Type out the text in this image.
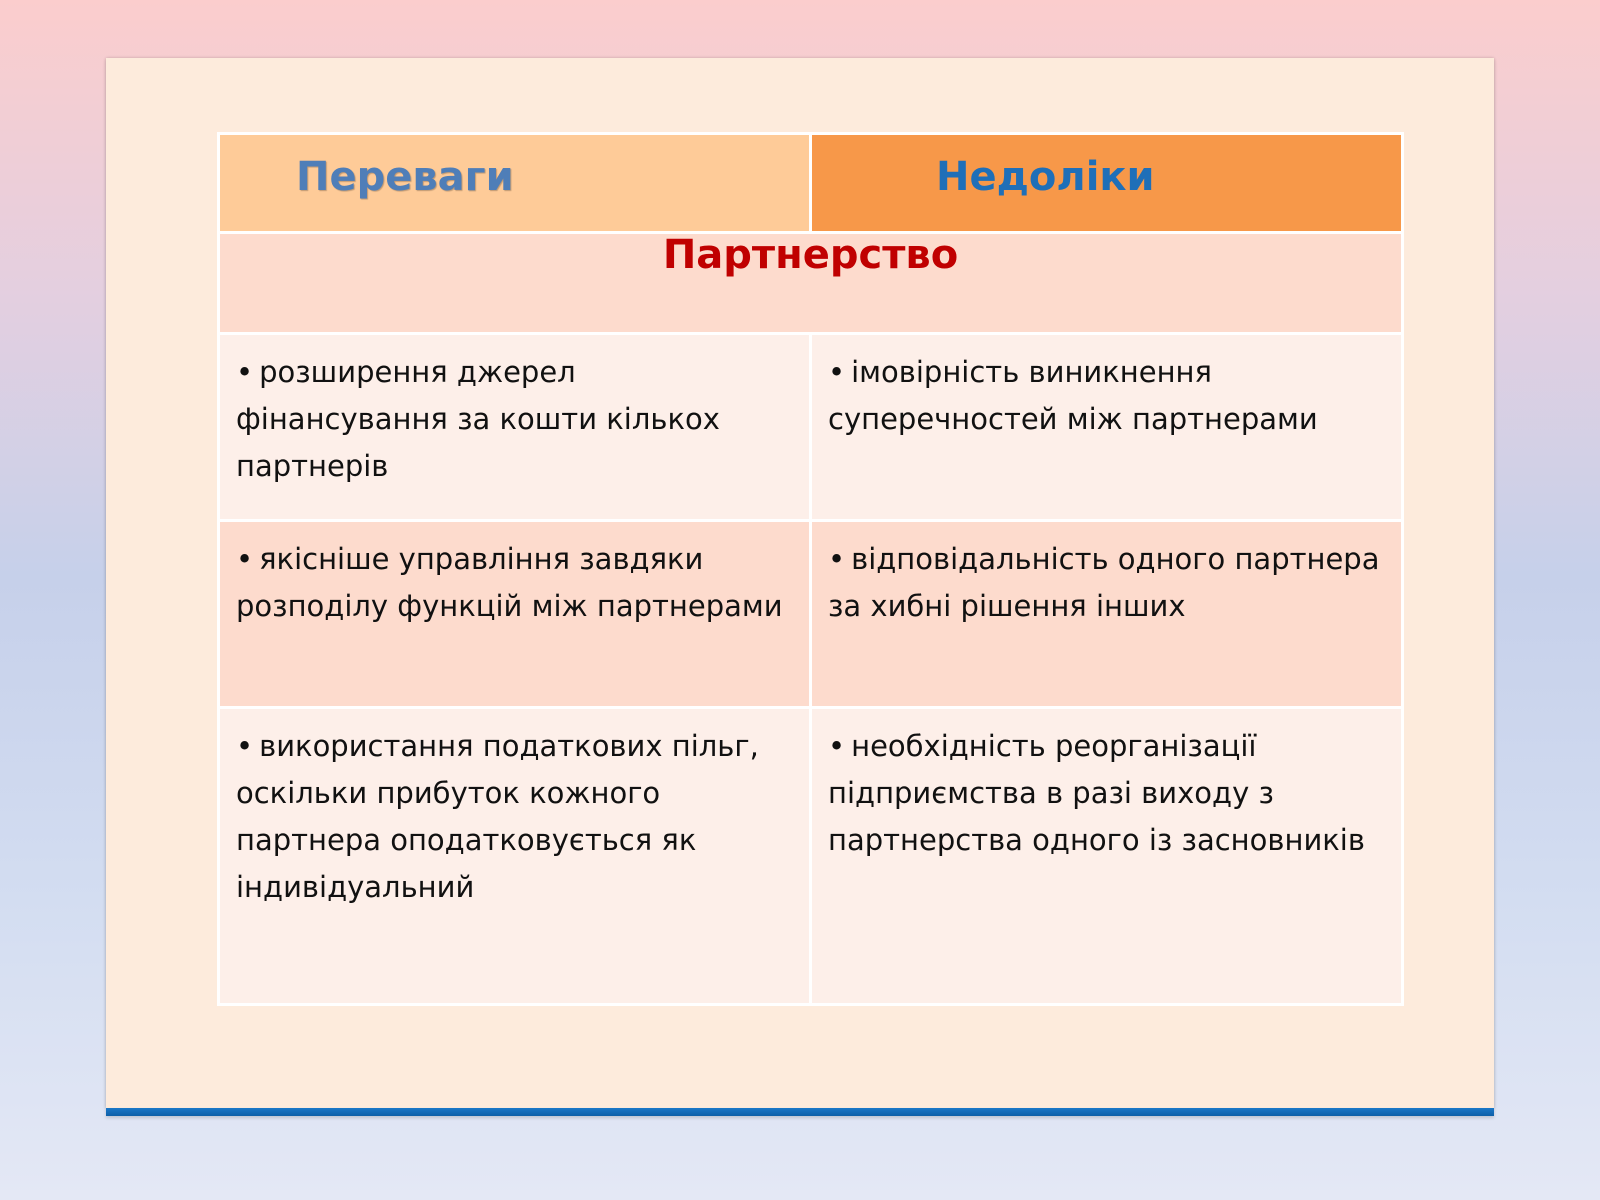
Переваги	Недоліки

Партнерство	
• розширення джерел фінансування за кошти кількох партнерів	• імовірність виникнення суперечностей між партнерами
• якісніше управління завдяки розподілу функцій між партнерами	• відповідальність одного партнера за хибні рішення інших
• використання податкових пільг, оскільки прибуток кожного партнера оподатковується як індивідуальний	• необхідність реорганізації підприємства в разі виходу з партнерства одного із засновників
